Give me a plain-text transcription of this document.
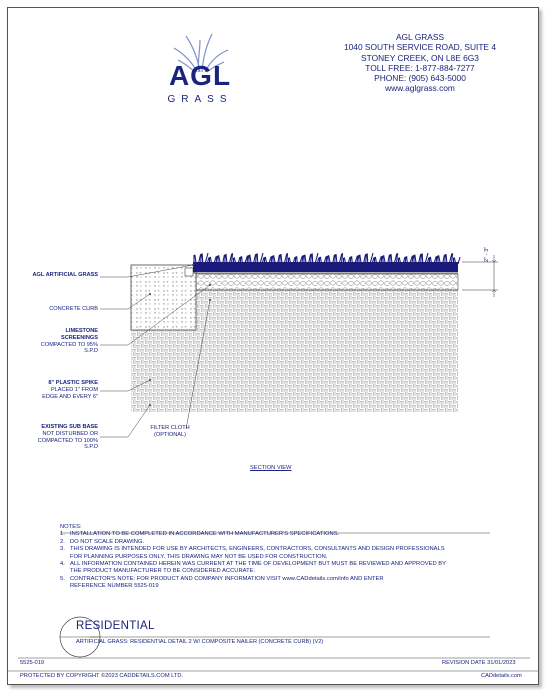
AGL
GRASS
AGL GRASS
1040 SOUTH SERVICE ROAD, SUITE 4
STONEY CREEK, ON L8E 6G3
TOLL FREE: 1-877-884-7277
PHONE: (905) 643-5000
www.aglgrass.com
2" - 3"
AGL ARTIFICIAL GRASS
CONCRETE CURB
LIMESTONE SCREENINGS
COMPACTED TO 95%
S.P.D
8" PLASTIC SPIKE
PLACED 1" FROM
EDGE AND EVERY 6"
EXISTING SUB BASE
NOT DISTURBED OR
COMPACTED TO 100%
S.P.D
FILTER CLOTH
(OPTIONAL)
SECTION VIEW
NOTES:
1. INSTALLATION TO BE COMPLETED IN ACCORDANCE WITH MANUFACTURER'S SPECIFICATIONS.
2. DO NOT SCALE DRAWING.
3. THIS DRAWING IS INTENDED FOR USE BY ARCHITECTS, ENGINEERS, CONTRACTORS, CONSULTANTS AND DESIGN PROFESSIONALS
FOR PLANNING PURPOSES ONLY. THIS DRAWING MAY NOT BE USED FOR CONSTRUCTION.
4. ALL INFORMATION CONTAINED HEREIN WAS CURRENT AT THE TIME OF DEVELOPMENT BUT MUST BE REVIEWED AND APPROVED BY
THE PRODUCT MANUFACTURER TO BE CONSIDERED ACCURATE.
5. CONTRACTOR'S NOTE: FOR PRODUCT AND COMPANY INFORMATION VISIT www.CADdetails.com/info AND ENTER
REFERENCE NUMBER 5525-019
RESIDENTIAL
ARTIFICIAL GRASS: RESIDENTIAL DETAIL 2 W/ COMPOSITE NAILER (CONCRETE CURB) (V2)
5525-019	REVISION DATE 31/01/2023
PROTECTED BY COPYRIGHT ©2023 CADDETAILS.COM LTD.	CADdetails.com
